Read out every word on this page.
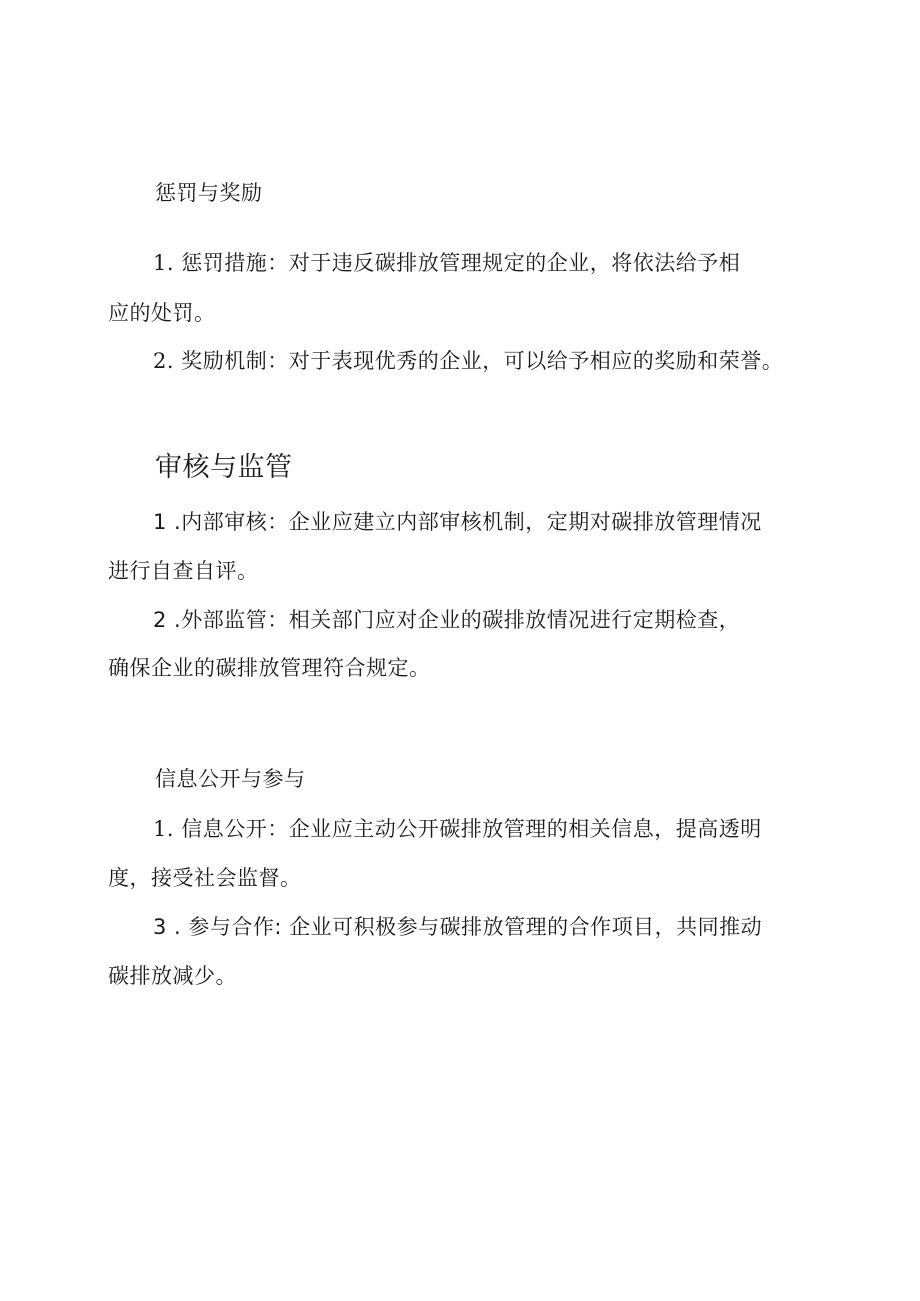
惩罚与奖励
1. 惩罚措施：对于违反碳排放管理规定的企业，将依法给予相
应的处罚。
2. 奖励机制：对于表现优秀的企业，可以给予相应的奖励和荣誉。
审核与监管
1 .内部审核：企业应建立内部审核机制，定期对碳排放管理情况
进行自查自评。
2 .外部监管：相关部门应对企业的碳排放情况进行定期检查，
确保企业的碳排放管理符合规定。
信息公开与参与
1. 信息公开：企业应主动公开碳排放管理的相关信息，提高透明
度，接受社会监督。
3 . 参与合作: 企业可积极参与碳排放管理的合作项目，共同推动
碳排放减少。
